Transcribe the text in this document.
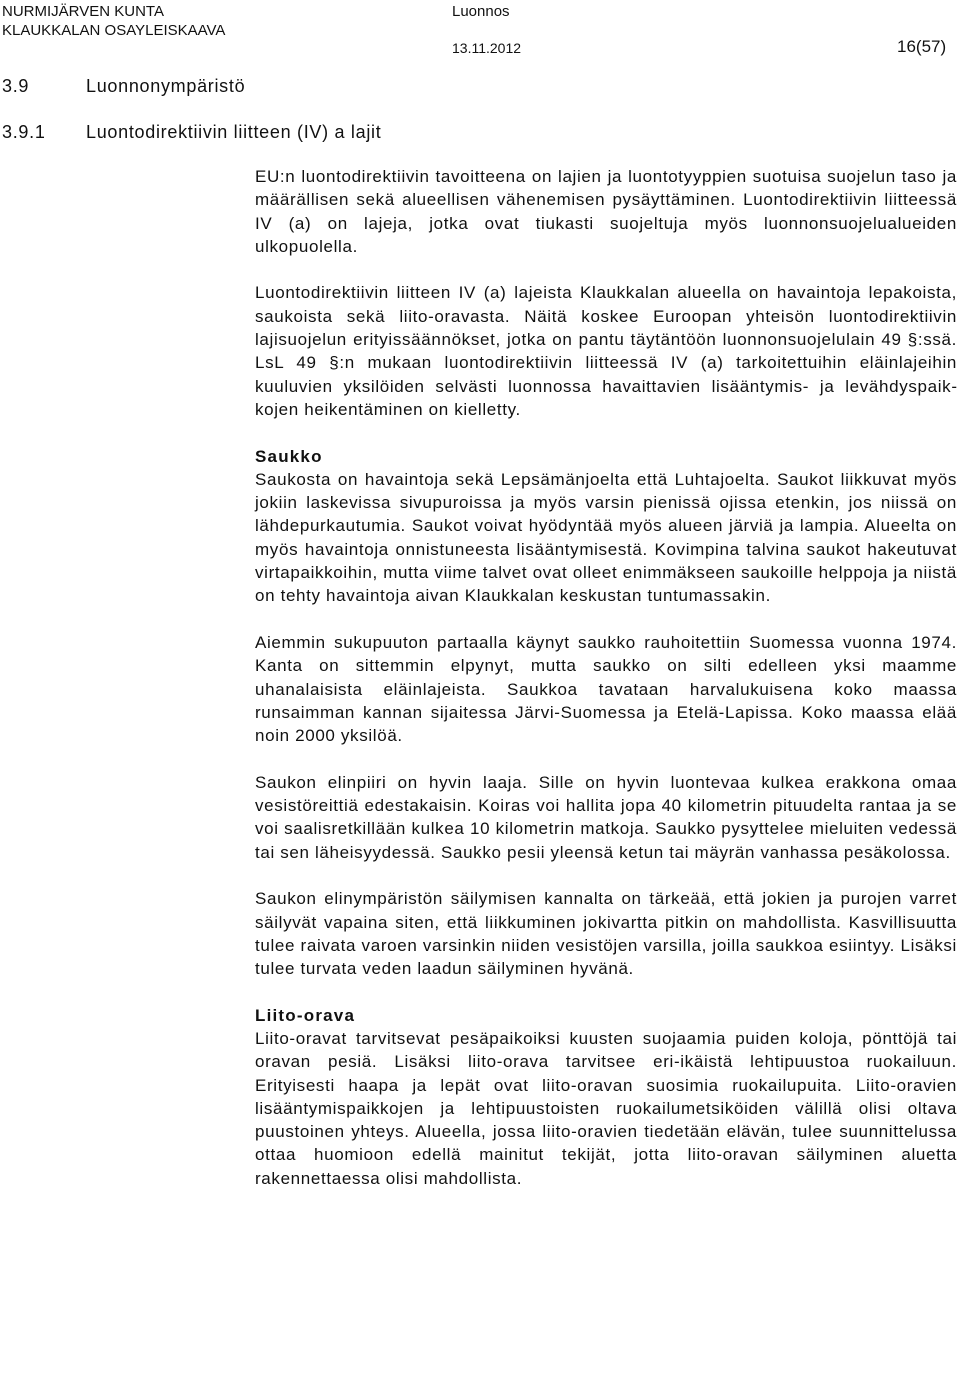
NURMIJÄRVEN KUNTA
KLAUKKALAN OSAYLEISKAAVA
Luonnos
13.11.2012	16(57)
3.9	Luonnonympäristö
3.9.1 Luontodirektiivin liitteen (IV) a lajit

EU:n luontodirektiivin tavoitteena on lajien ja luontotyyppien suotuisa suojelun taso ja määrällisen sekä alueellisen vähenemisen pysäyttäminen. Luontodirektiivin liitteessä IV (a) on lajeja, jotka ovat tiukasti suojeltuja myös luonnonsuojelualueiden ulkopuolella.

Luontodirektiivin liitteen IV (a) lajeista Klaukkalan alueella on havaintoja lepakoista, saukoista sekä liito-oravasta. Näitä koskee Euroopan yhteisön luontodirektiivin lajisuojelun erityissäännökset, jotka on pantu täytäntöön luonnonsuojelulain 49 §:ssä. LsL 49 §:n mukaan luontodirektiivin liitteessä IV (a) tarkoitettuihin eläinlajeihin kuuluvien yksilöiden selvästi luonnossa havaittavien lisääntymis- ja levähdyspaikkojen heikentäminen on kielletty.

Saukko

Saukosta on havaintoja sekä Lepsämänjoelta että Luhtajoelta. Saukot liikkuvat myös jokiin laskevissa sivupuroissa ja myös varsin pienissä ojissa etenkin, jos niissä on lähdepurkautumia. Saukot voivat hyödyntää myös alueen järviä ja lampia. Alueelta on myös havaintoja onnistuneesta lisääntymisestä. Kovimpina talvina saukot hakeutuvat virtapaikkoihin, mutta viime talvet ovat olleet enimmäkseen saukoille helppoja ja niistä on tehty havaintoja aivan Klaukkalan keskustan tuntumassakin.

Aiemmin sukupuuton partaalla käynyt saukko rauhoitettiin Suomessa vuonna 1974. Kanta on sittemmin elpynyt, mutta saukko on silti edelleen yksi maamme uhanalaisista eläinlajeista. Saukkoa tavataan harvalukuisena koko maassa runsaimman kannan sijaitessa Järvi-Suomessa ja Etelä-Lapissa. Koko maassa elää noin 2000 yksilöä.

Saukon elinpiiri on hyvin laaja. Sille on hyvin luontevaa kulkea erakkona omaa vesistöreittiä edestakaisin. Koiras voi hallita jopa 40 kilometrin pituudelta rantaa ja se voi saalisretkillään kulkea 10 kilometrin matkoja. Saukko pysyttelee mieluiten vedessä tai sen läheisyydessä. Saukko pesii yleensä ketun tai mäyrän vanhassa pesäkolossa.

Saukon elinympäristön säilymisen kannalta on tärkeää, että jokien ja purojen varret säilyvät vapaina siten, että liikkuminen jokivartta pitkin on mahdollista. Kasvillisuutta tulee raivata varoen varsinkin niiden vesistöjen varsilla, joilla saukkoa esiintyy. Lisäksi tulee turvata veden laadun säilyminen hyvänä.

Liito-orava

Liito-oravat tarvitsevat pesäpaikoiksi kuusten suojaamia puiden koloja, pönttöjä tai oravan pesiä. Lisäksi liito-orava tarvitsee eri-ikäistä lehtipuustoa ruokailuun. Erityisesti haapa ja lepät ovat liito-oravan suosimia ruokailupuita. Liito-oravien lisääntymispaikkojen ja lehtipuustoisten ruokailumetsiköiden välillä olisi oltava puustoinen yhteys. Alueella, jossa liito-oravien tiedetään elävän, tulee suunnittelussa ottaa huomioon edellä mainitut tekijät, jotta liito-oravan säilyminen aluetta rakennettaessa olisi mahdollista.
